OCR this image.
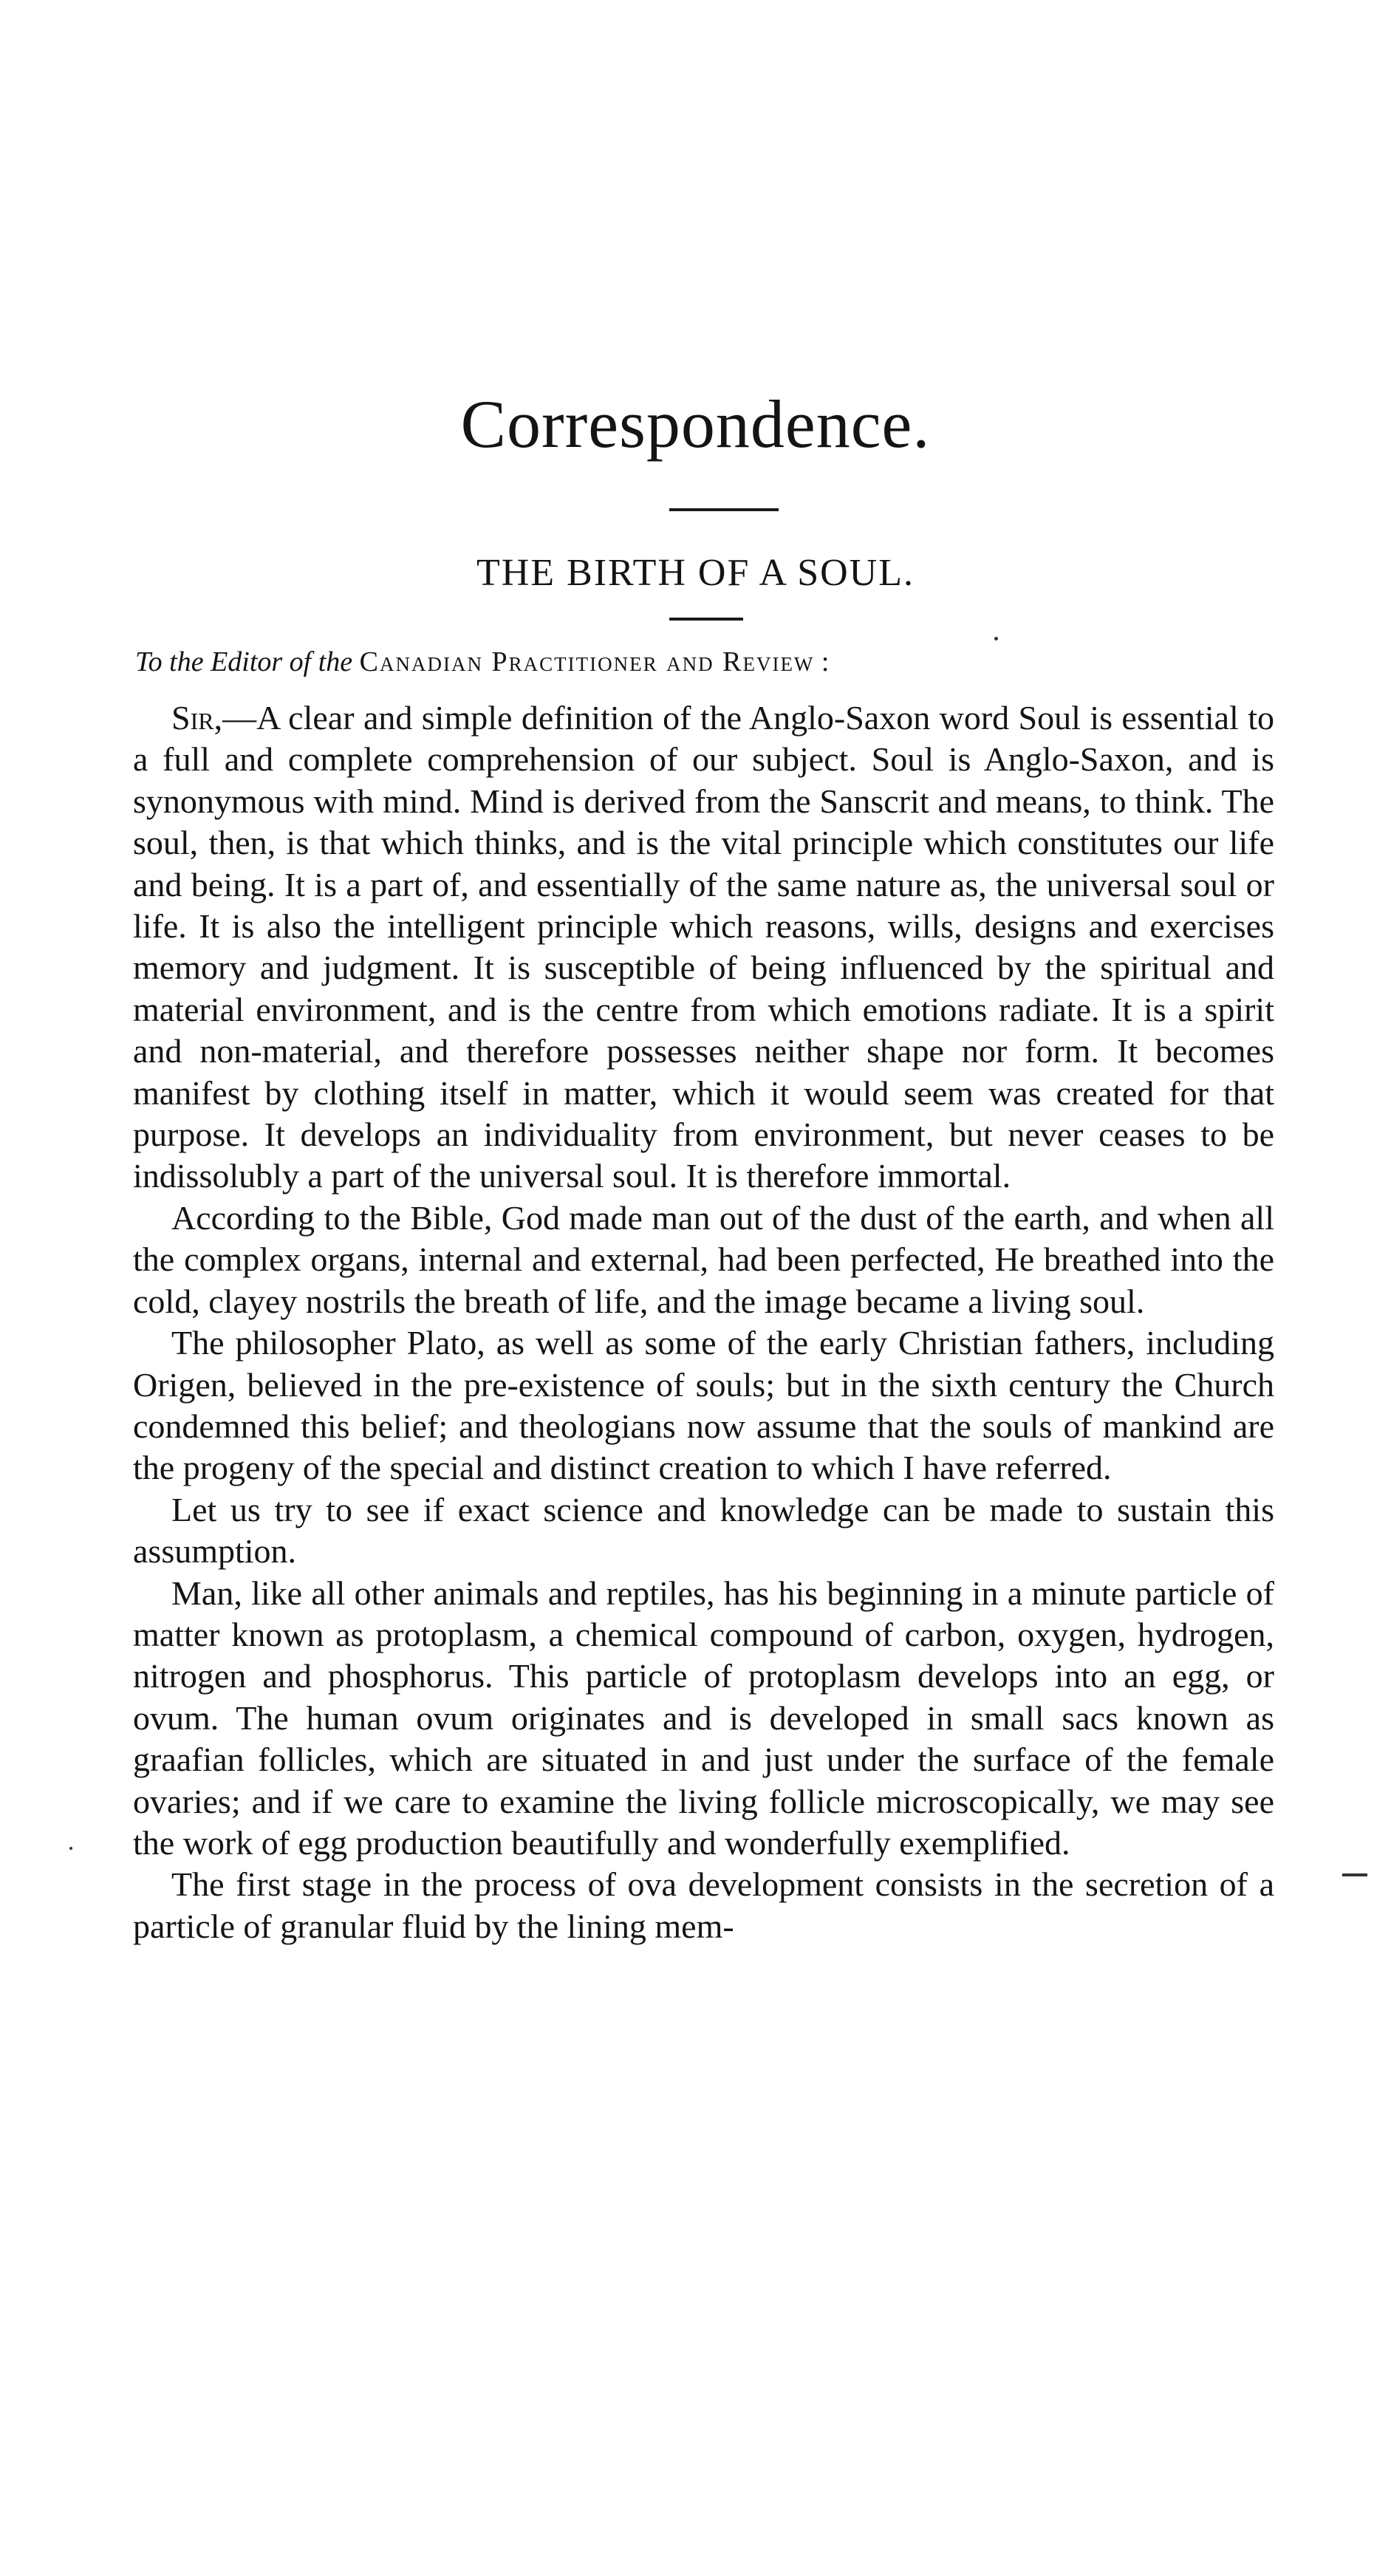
Correspondence.
THE BIRTH OF A SOUL.
To the Editor of the Canadian Practitioner and Review :

Sir,—A clear and simple definition of the Anglo-Saxon word Soul is essential to a full and complete comprehension of our subject. Soul is Anglo-Saxon, and is synonymous with mind. Mind is derived from the Sanscrit and means, to think. The soul, then, is that which thinks, and is the vital principle which constitutes our life and being. It is a part of, and essentially of the same nature as, the universal soul or life. It is also the intelligent principle which reasons, wills, designs and exercises memory and judgment. It is susceptible of being influenced by the spiritual and material environment, and is the centre from which emotions radiate. It is a spirit and non-material, and therefore possesses neither shape nor form. It becomes manifest by clothing itself in matter, which it would seem was created for that purpose. It develops an individuality from environment, but never ceases to be indissolubly a part of the universal soul. It is therefore immortal.

According to the Bible, God made man out of the dust of the earth, and when all the complex organs, internal and external, had been perfected, He breathed into the cold, clayey nostrils the breath of life, and the image became a living soul.

The philosopher Plato, as well as some of the early Christian fathers, including Origen, believed in the pre-existence of souls; but in the sixth century the Church condemned this belief; and theologians now assume that the souls of mankind are the progeny of the special and distinct creation to which I have referred.

Let us try to see if exact science and knowledge can be made to sustain this assumption.

Man, like all other animals and reptiles, has his beginning in a minute particle of matter known as protoplasm, a chemical compound of carbon, oxygen, hydrogen, nitrogen and phosphorus. This particle of protoplasm develops into an egg, or ovum. The human ovum originates and is developed in small sacs known as graafian follicles, which are situated in and just under the surface of the female ovaries; and if we care to examine the living follicle microscopically, we may see the work of egg production beautifully and wonderfully exemplified.

The first stage in the process of ova development consists in the secretion of a particle of granular fluid by the lining mem-
